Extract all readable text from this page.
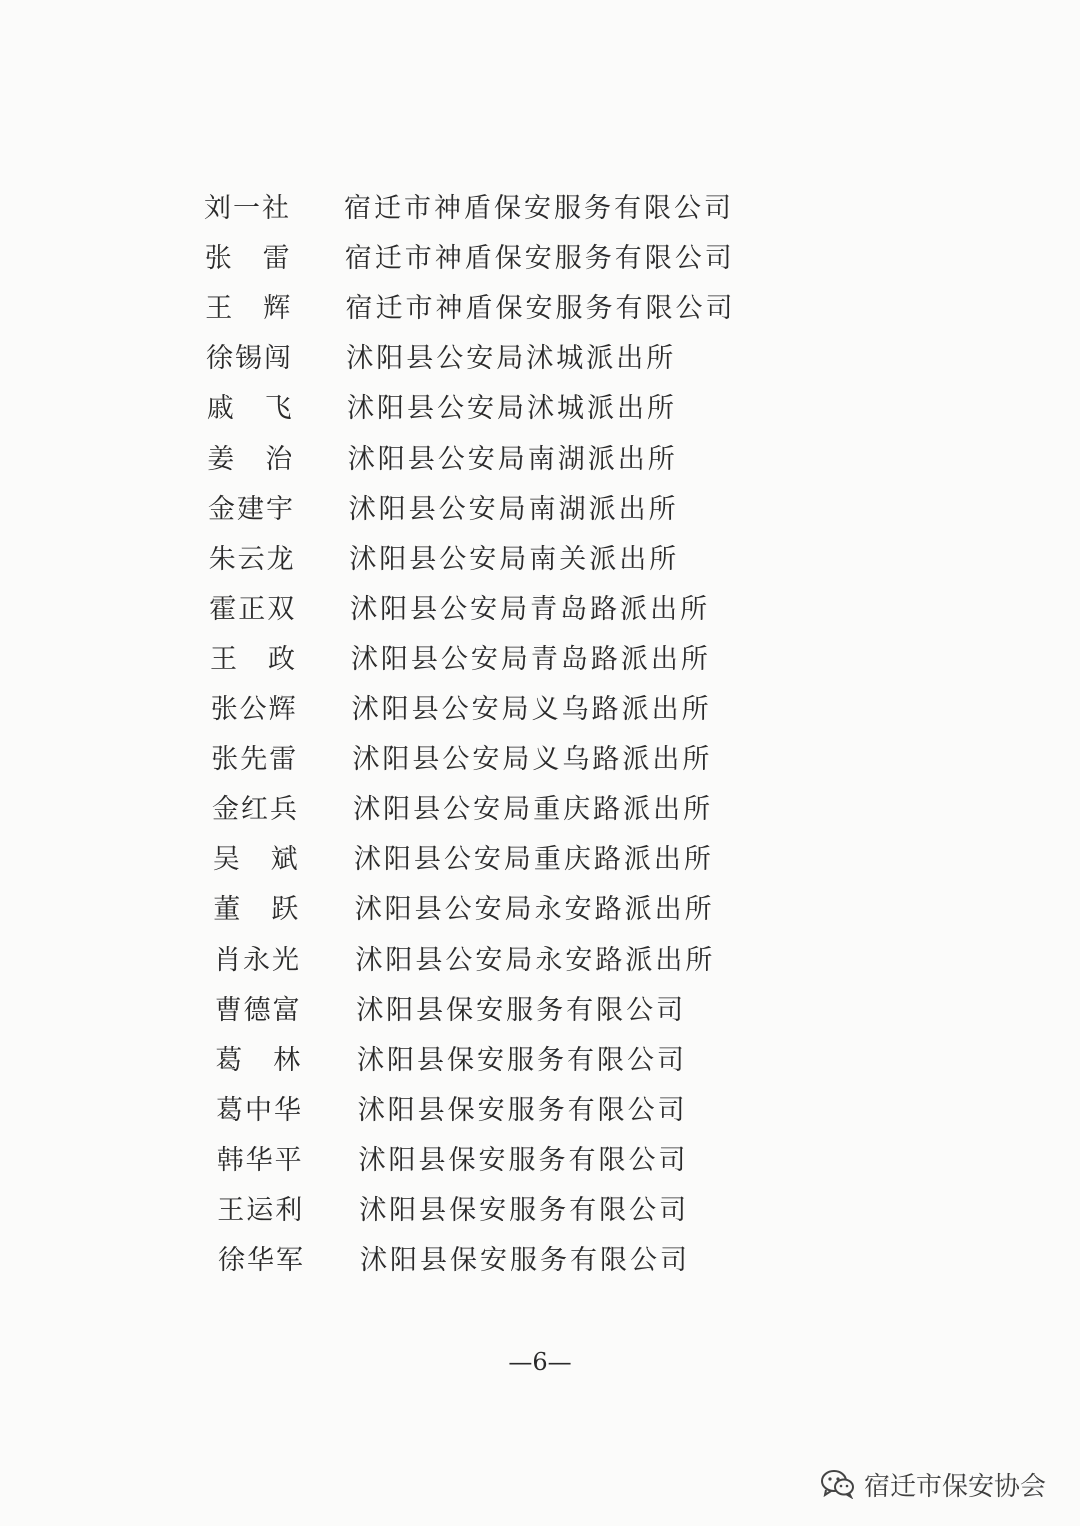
刘一社	宿迁市神盾保安服务有限公司
张　雷	宿迁市神盾保安服务有限公司
王　辉	宿迁市神盾保安服务有限公司
徐锡闯	沭阳县公安局沭城派出所
戚　飞	沭阳县公安局沭城派出所
姜　治	沭阳县公安局南湖派出所
金建宇	沭阳县公安局南湖派出所
朱云龙	沭阳县公安局南关派出所
霍正双	沭阳县公安局青岛路派出所
王　政	沭阳县公安局青岛路派出所
张公辉	沭阳县公安局义乌路派出所
张先雷	沭阳县公安局义乌路派出所
金红兵	沭阳县公安局重庆路派出所
吴　斌	沭阳县公安局重庆路派出所
董　跃	沭阳县公安局永安路派出所
肖永光	沭阳县公安局永安路派出所
曹德富	沭阳县保安服务有限公司
葛　林	沭阳县保安服务有限公司
葛中华	沭阳县保安服务有限公司
韩华平	沭阳县保安服务有限公司
王运利	沭阳县保安服务有限公司
徐华军	沭阳县保安服务有限公司
—6—
宿迁市保安协会
